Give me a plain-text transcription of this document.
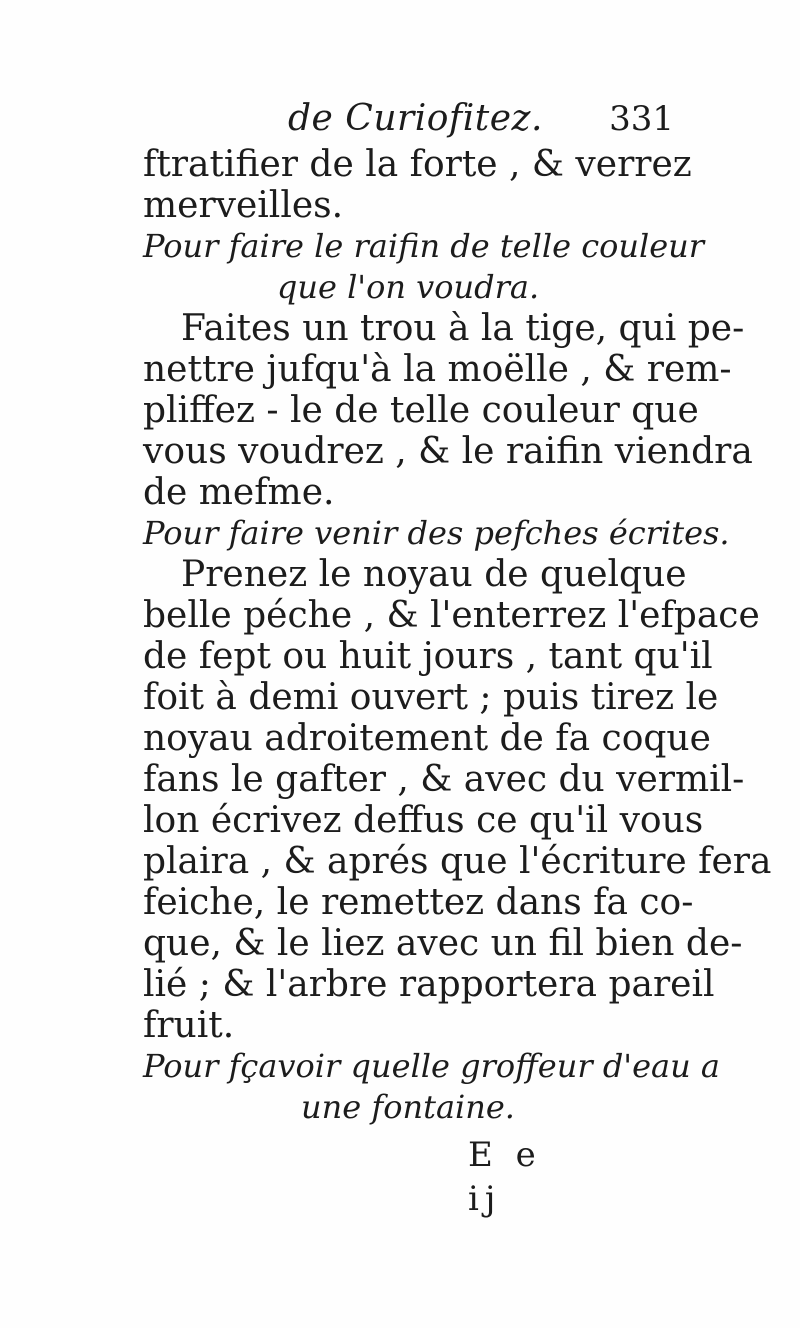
de Curiofitez. 331
ftratifier de la forte , & verrez
merveilles.
Pour faire le raifin de telle couleur
que l'on voudra.
Faites un trou à la tige, qui pe-
nettre jufqu'à la moëlle , & rem-
pliffez - le de telle couleur que
vous voudrez , & le raifin viendra
de mefme.
Pour faire venir des pefches écrites.
Prenez le noyau de quelque
belle péche , & l'enterrez l'efpace
de fept ou huit jours , tant qu'il
foit à demi ouvert ; puis tirez le
noyau adroitement de fa coque
fans le gafter , & avec du vermil-
lon écrivez deffus ce qu'il vous
plaira , & aprés que l'écriture fera
feiche, le remettez dans fa co-
que, & le liez avec un fil bien de-
lié ; & l'arbre rapportera pareil
fruit.
Pour fçavoir quelle groffeur d'eau a
une fontaine.
E e ij
